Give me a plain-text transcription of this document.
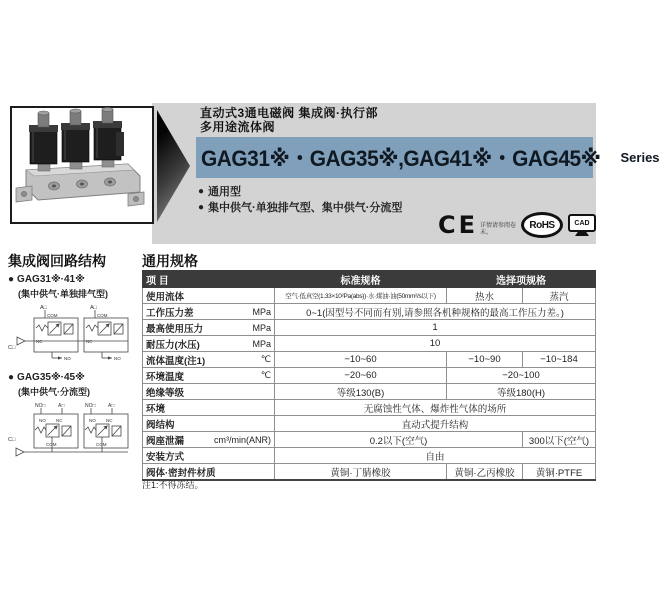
直动式3通电磁阀 集成阀·执行部
多用途流体阀
GAG31※・GAG35※,GAG41※・GAG45※ Series
●
通用型
●
集中供气·单独排气型、集中供气·分流型
CE 详情请参阅卷末。
RoHS	CAD
集成阀回路结构
●
GAG31※·41※
(集中供气·单独排气型)
C□
A□
COM
NC
NO
A□
COM
NC
NO
●
GAG35※·45※
(集中供气·分流型)
C□
NO□ A□
NO NC
COM
NO□ A□
NO NC
COM
通用规格
项 目	标准规格	选择项规格	

使用流体	空气·低真空(1.33×10²Pa(abs))·水·煤油·油(50mm²/s以下)	热水	蒸汽

工作压力差 MPa	0~1(因型号不同而有别,请参照各机种规格的最高工作压力差。)		

最高使用压力 MPa	1		

耐压力(水压) MPa	10		

流体温度(注1) ℃	−10~60	−10~90	−10~184

环境温度 ℃	−20~60	−20~100	

绝缘等级	等级130(B)	等级180(H)	

环境	无腐蚀性气体、爆炸性气体的场所		

阀结构	直动式提升结构		

阀座泄漏 cm³/min(ANR)	0.2以下(空气)		300以下(空气)

安装方式	自由		

阀体·密封件材质	黄铜·丁腈橡胶	黄铜·乙丙橡胶	黄铜·PTFE
注1:不得冻结。
